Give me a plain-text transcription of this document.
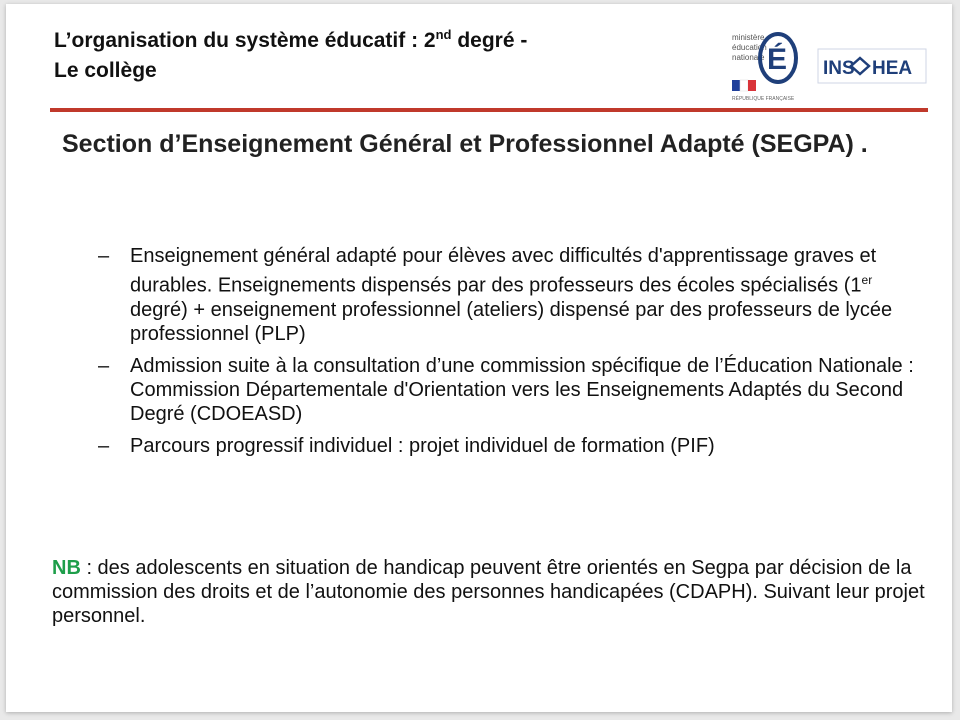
L’organisation du système éducatif : 2nd degré -
Le collège
ministère
éducation
nationale É
RÉPUBLIQUE FRANÇAISE
INS HEA
Section d’Enseignement Général et Professionnel Adapté (SEGPA) .
– Enseignement général adapté pour élèves avec difficultés d'apprentissage graves et durables. Enseignements dispensés par des professeurs des écoles spécialisés (1er degré) + enseignement professionnel (ateliers) dispensé par des professeurs de lycée professionnel (PLP)
– Admission suite à la consultation d’une commission spécifique de l’Éducation Nationale : Commission Départementale d'Orientation vers les Enseignements Adaptés du Second Degré (CDOEASD)
– Parcours progressif individuel : projet individuel de formation (PIF)
NB : des adolescents en situation de handicap peuvent être orientés en Segpa par décision de la commission des droits et de l’autonomie des personnes handicapées (CDAPH). Suivant leur projet personnel.
